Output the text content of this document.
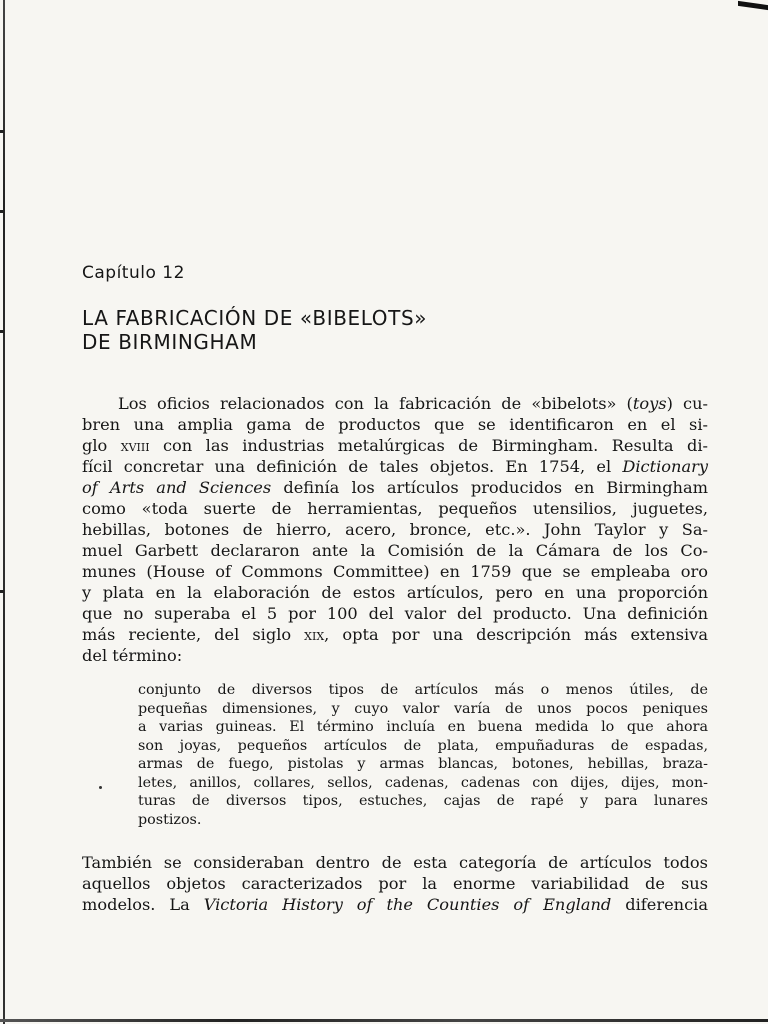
Capítulo 12
LA FABRICACIÓN DE «BIBELOTS»
DE BIRMINGHAM
Los oficios relacionados con la fabricación de «bibelots» (toys) cu-
bren una amplia gama de productos que se identificaron en el si-
glo xviii con las industrias metalúrgicas de Birmingham. Resulta di-
fícil concretar una definición de tales objetos. En 1754, el Dictionary
of Arts and Sciences definía los artículos producidos en Birmingham
como «toda suerte de herramientas, pequeños utensilios, juguetes,
hebillas, botones de hierro, acero, bronce, etc.». John Taylor y Sa-
muel Garbett declararon ante la Comisión de la Cámara de los Co-
munes (House of Commons Committee) en 1759 que se empleaba oro
y plata en la elaboración de estos artículos, pero en una proporción
que no superaba el 5 por 100 del valor del producto. Una definición
más reciente, del siglo xix, opta por una descripción más extensiva
del término:
conjunto de diversos tipos de artículos más o menos útiles, de
pequeñas dimensiones, y cuyo valor varía de unos pocos peniques
a varias guineas. El término incluía en buena medida lo que ahora
son joyas, pequeños artículos de plata, empuñaduras de espadas,
armas de fuego, pistolas y armas blancas, botones, hebillas, braza-
letes, anillos, collares, sellos, cadenas, cadenas con dijes, dijes, mon-
turas de diversos tipos, estuches, cajas de rapé y para lunares
postizos.
También se consideraban dentro de esta categoría de artículos todos
aquellos objetos caracterizados por la enorme variabilidad de sus
modelos. La Victoria History of the Counties of England diferencia
